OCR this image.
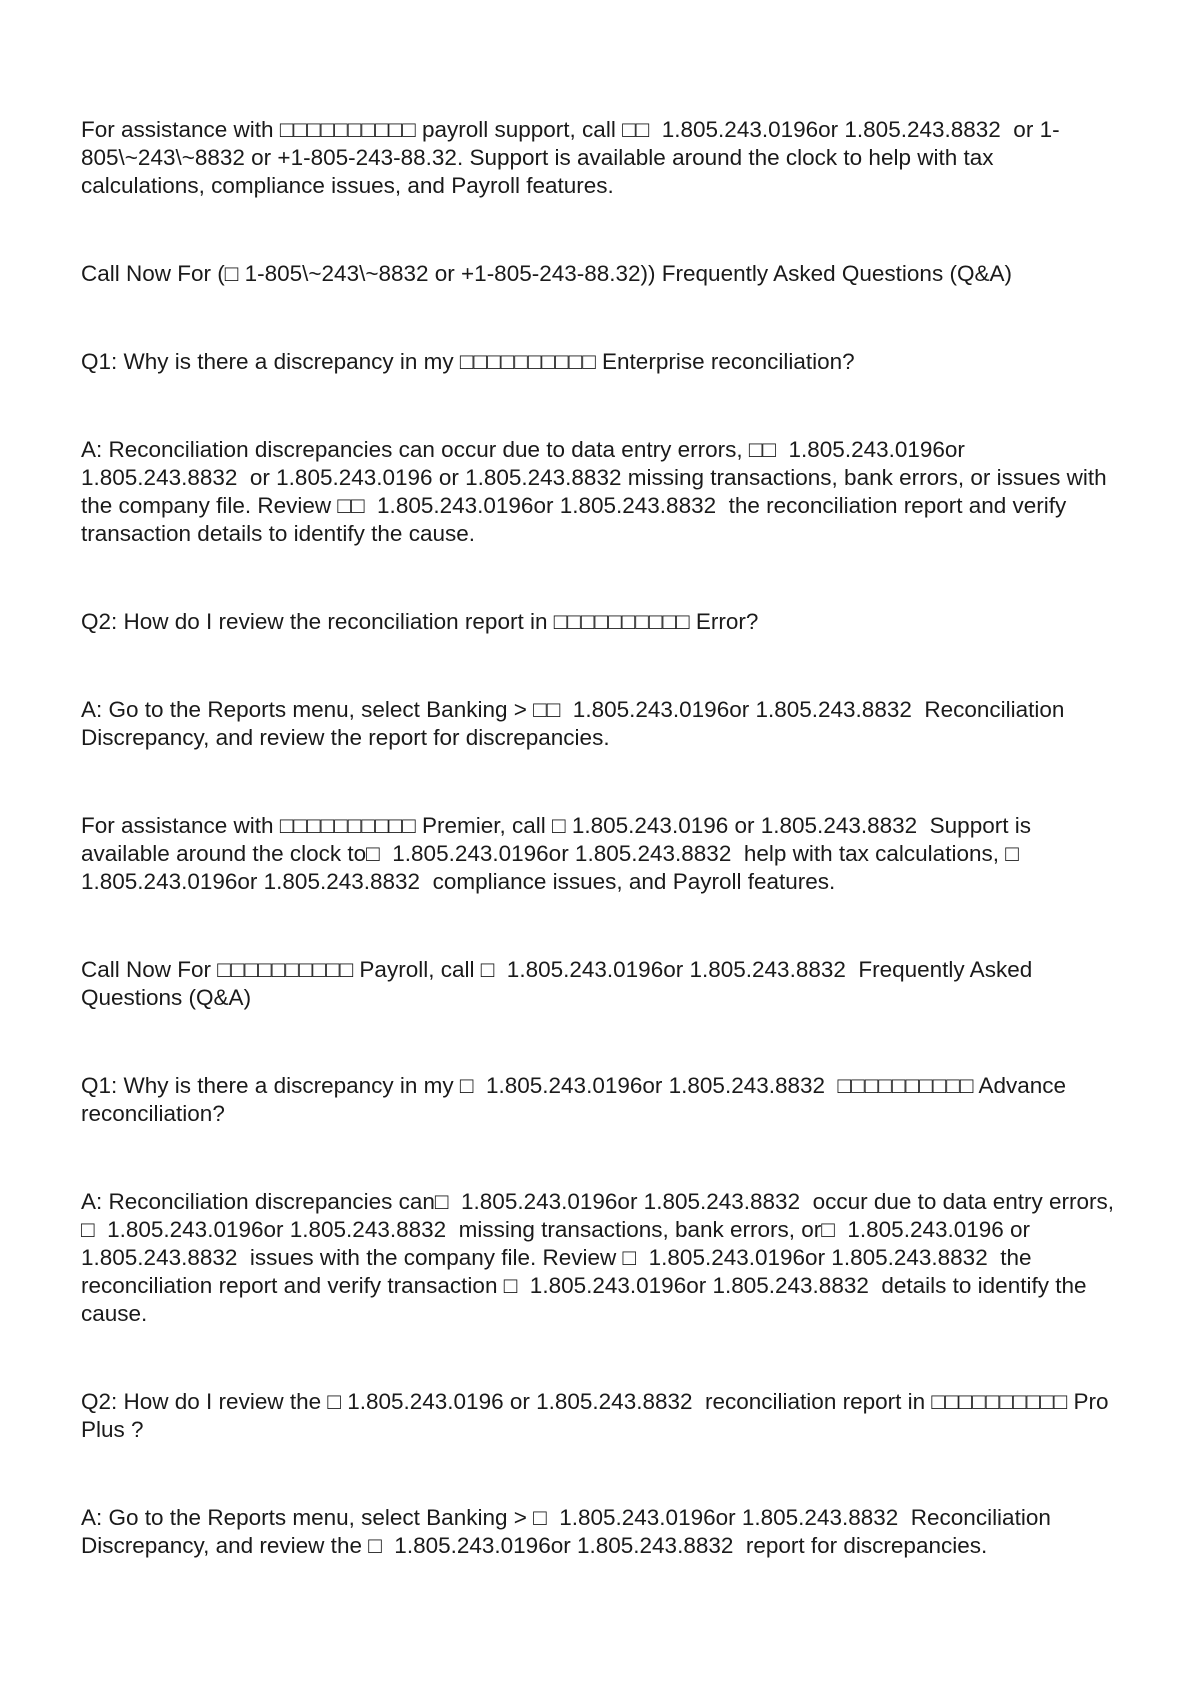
For assistance with □□□□□□□□□□ payroll support, call □□  1.805.243.0196or 1.805.243.8832  or 1-805\~243\~8832 or +1-805-243-88.32. Support is available around the clock to help with tax calculations, compliance issues, and Payroll features.

Call Now For (□ 1-805\~243\~8832 or +1-805-243-88.32)) Frequently Asked Questions (Q&A)

Q1: Why is there a discrepancy in my □□□□□□□□□□ Enterprise reconciliation?

A: Reconciliation discrepancies can occur due to data entry errors, □□  1.805.243.0196or 1.805.243.8832  or 1.805.243.0196 or 1.805.243.8832 missing transactions, bank errors, or issues with the company file. Review □□  1.805.243.0196or 1.805.243.8832  the reconciliation report and verify transaction details to identify the cause.

Q2: How do I review the reconciliation report in □□□□□□□□□□ Error?

A: Go to the Reports menu, select Banking > □□  1.805.243.0196or 1.805.243.8832  Reconciliation Discrepancy, and review the report for discrepancies.

For assistance with □□□□□□□□□□ Premier, call □ 1.805.243.0196 or 1.805.243.8832  Support is available around the clock to□  1.805.243.0196or 1.805.243.8832  help with tax calculations, □  1.805.243.0196or 1.805.243.8832  compliance issues, and Payroll features.

Call Now For □□□□□□□□□□ Payroll, call □  1.805.243.0196or 1.805.243.8832  Frequently Asked Questions (Q&A)

Q1: Why is there a discrepancy in my □  1.805.243.0196or 1.805.243.8832  □□□□□□□□□□ Advance reconciliation?

A: Reconciliation discrepancies can□  1.805.243.0196or 1.805.243.8832  occur due to data entry errors, □  1.805.243.0196or 1.805.243.8832  missing transactions, bank errors, or□  1.805.243.0196 or 1.805.243.8832  issues with the company file. Review □  1.805.243.0196or 1.805.243.8832  the reconciliation report and verify transaction □  1.805.243.0196or 1.805.243.8832  details to identify the cause.

Q2: How do I review the □ 1.805.243.0196 or 1.805.243.8832  reconciliation report in □□□□□□□□□□ Pro Plus ?

A: Go to the Reports menu, select Banking > □  1.805.243.0196or 1.805.243.8832  Reconciliation Discrepancy, and review the □  1.805.243.0196or 1.805.243.8832  report for discrepancies.
